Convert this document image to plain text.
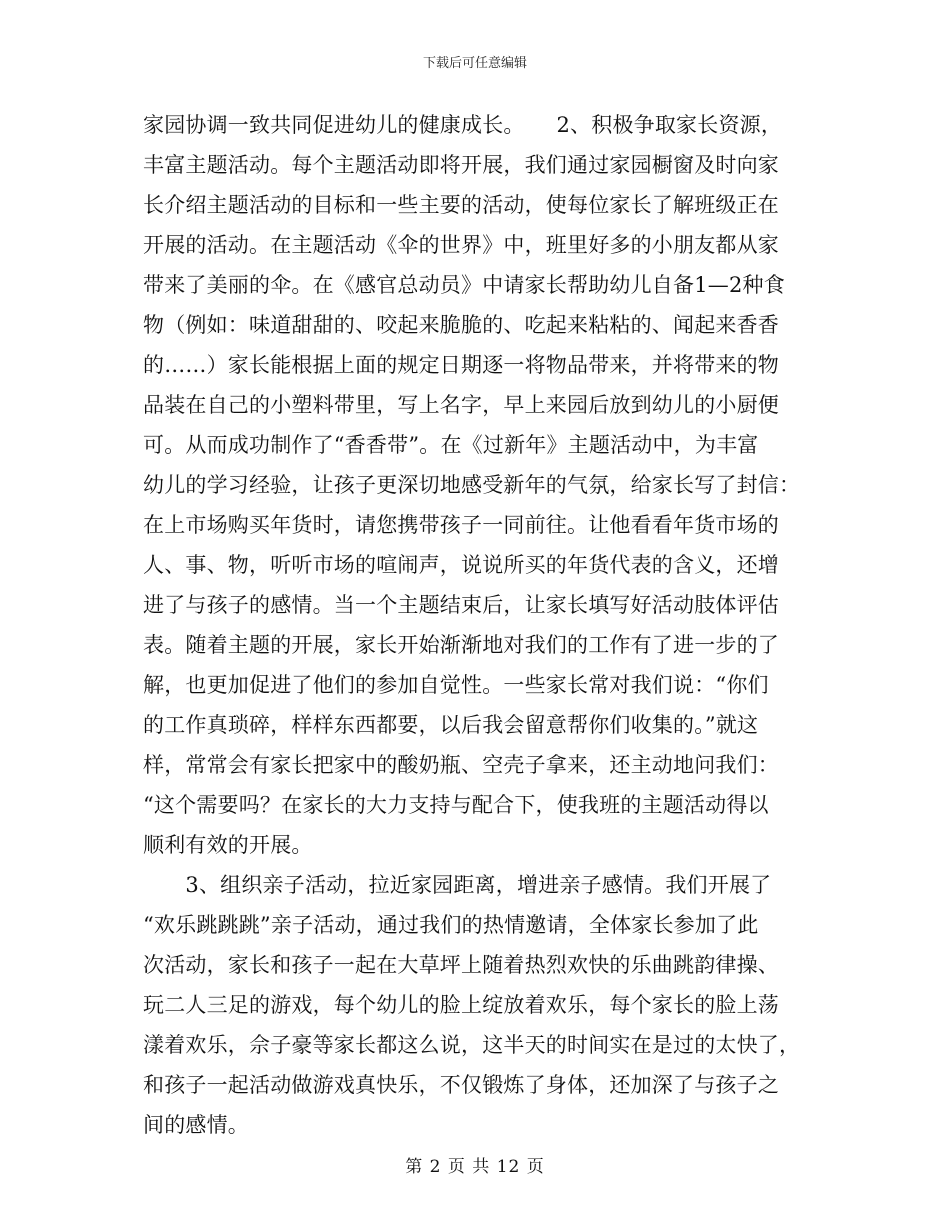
下载后可任意编辑
家园协调一致共同促进幼儿的健康成长。　　2、积极争取家长资源，
丰富主题活动。每个主题活动即将开展，我们通过家园橱窗及时向家
长介绍主题活动的目标和一些主要的活动，使每位家长了解班级正在
开展的活动。在主题活动《伞的世界》中，班里好多的小朋友都从家
带来了美丽的伞。在《感官总动员》中请家长帮助幼儿自备1—2种食
物（例如：味道甜甜的、咬起来脆脆的、吃起来粘粘的、闻起来香香
的……）家长能根据上面的规定日期逐一将物品带来，并将带来的物
品装在自己的小塑料带里，写上名字，早上来园后放到幼儿的小厨便
可。从而成功制作了“香香带”。在《过新年》主题活动中，为丰富
幼儿的学习经验，让孩子更深切地感受新年的气氛，给家长写了封信：
在上市场购买年货时，请您携带孩子一同前往。让他看看年货市场的
人、事、物，听听市场的喧闹声，说说所买的年货代表的含义，还增
进了与孩子的感情。当一个主题结束后，让家长填写好活动肢体评估
表。随着主题的开展，家长开始渐渐地对我们的工作有了进一步的了
解，也更加促进了他们的参加自觉性。一些家长常对我们说：“你们
的工作真琐碎，样样东西都要，以后我会留意帮你们收集的。”就这
样，常常会有家长把家中的酸奶瓶、空壳子拿来，还主动地问我们：
“这个需要吗？在家长的大力支持与配合下，使我班的主题活动得以
顺利有效的开展。
　　3、组织亲子活动，拉近家园距离，增进亲子感情。我们开展了
“欢乐跳跳跳”亲子活动，通过我们的热情邀请，全体家长参加了此
次活动，家长和孩子一起在大草坪上随着热烈欢快的乐曲跳韵律操、
玩二人三足的游戏，每个幼儿的脸上绽放着欢乐，每个家长的脸上荡
漾着欢乐，佘子豪等家长都这么说，这半天的时间实在是过的太快了，
和孩子一起活动做游戏真快乐，不仅锻炼了身体，还加深了与孩子之
间的感情。
第 2 页 共 12 页
